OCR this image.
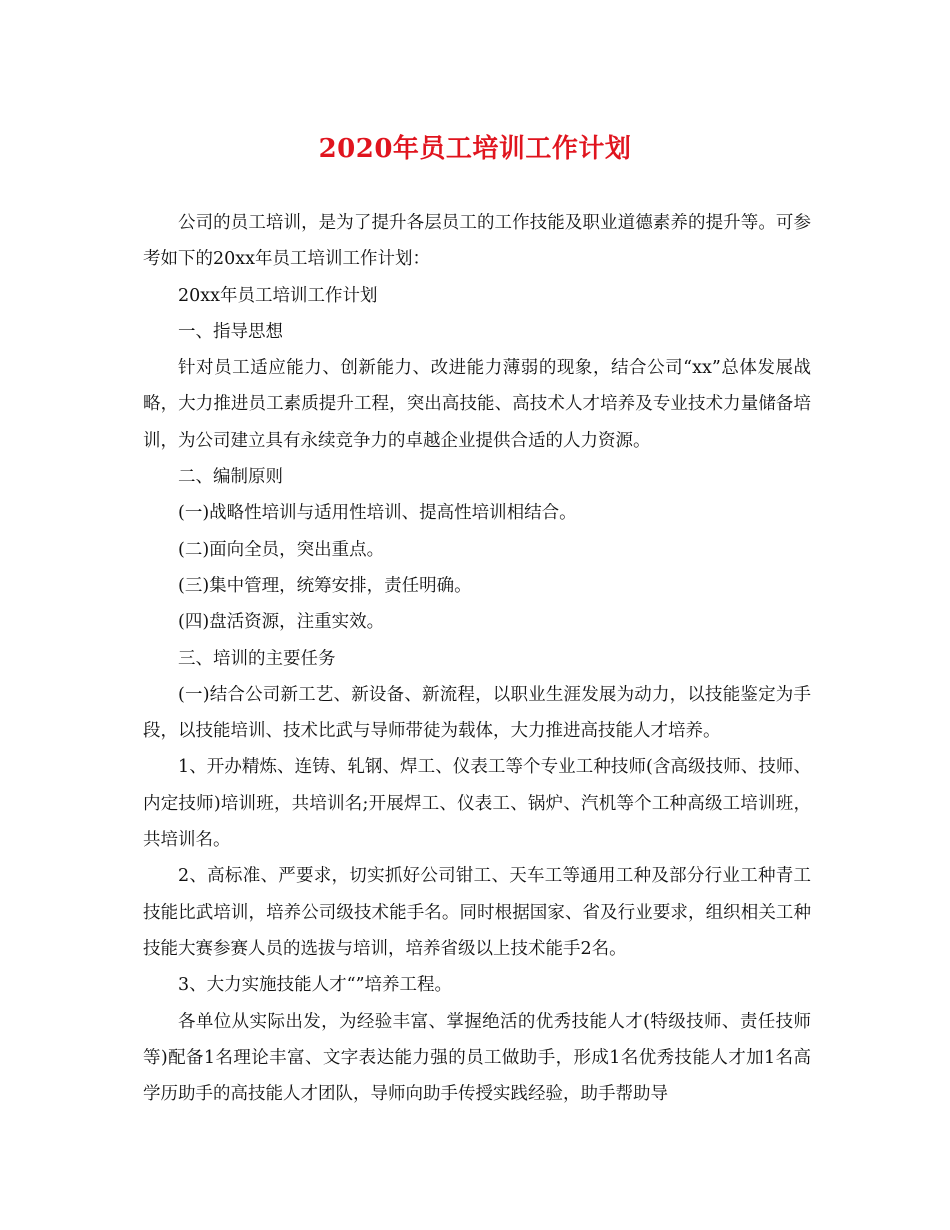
2020年员工培训工作计划

公司的员工培训，是为了提升各层员工的工作技能及职业道德素养的提升等。可参考如下的20xx年员工培训工作计划：

20xx年员工培训工作计划

一、指导思想

针对员工适应能力、创新能力、改进能力薄弱的现象，结合公司“xx”总体发展战略，大力推进员工素质提升工程，突出高技能、高技术人才培养及专业技术力量储备培训，为公司建立具有永续竞争力的卓越企业提供合适的人力资源。

二、编制原则

(一)战略性培训与适用性培训、提高性培训相结合。

(二)面向全员，突出重点。

(三)集中管理，统筹安排，责任明确。

(四)盘活资源，注重实效。

三、培训的主要任务

(一)结合公司新工艺、新设备、新流程，以职业生涯发展为动力，以技能鉴定为手段，以技能培训、技术比武与导师带徒为载体，大力推进高技能人才培养。

1、开办精炼、连铸、轧钢、焊工、仪表工等个专业工种技师(含高级技师、技师、内定技师)培训班，共培训名;开展焊工、仪表工、锅炉、汽机等个工种高级工培训班，共培训名。

2、高标准、严要求，切实抓好公司钳工、天车工等通用工种及部分行业工种青工技能比武培训，培养公司级技术能手名。同时根据国家、省及行业要求，组织相关工种技能大赛参赛人员的选拔与培训，培养省级以上技术能手2名。

3、大力实施技能人才“”培养工程。

各单位从实际出发，为经验丰富、掌握绝活的优秀技能人才(特级技师、责任技师等)配备1名理论丰富、文字表达能力强的员工做助手，形成1名优秀技能人才加1名高学历助手的高技能人才团队，导师向助手传授实践经验，助手帮助导
